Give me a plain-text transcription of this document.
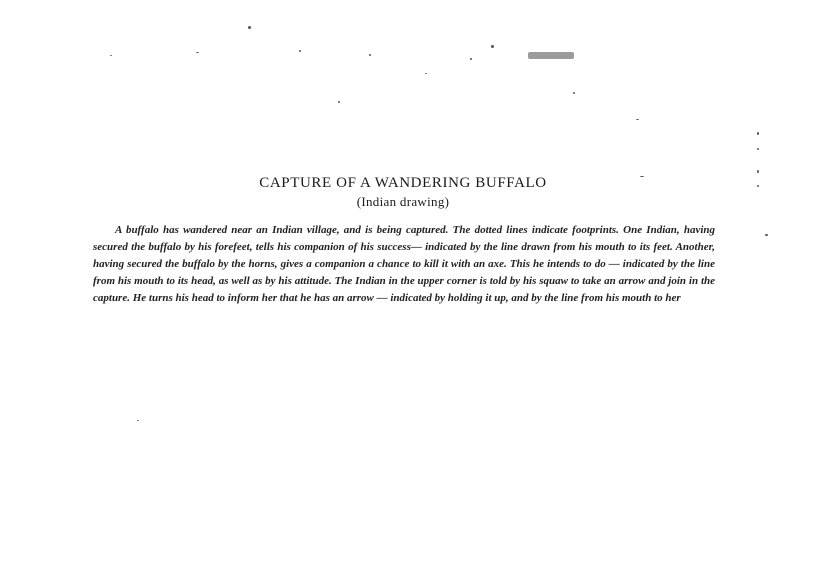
CAPTURE OF A WANDERING BUFFALO
(Indian drawing)

A buffalo has wandered near an Indian village, and is being captured. The dotted lines indicate footprints. One Indian, having secured the buffalo by his forefeet, tells his companion of his success— indicated by the line drawn from his mouth to its feet. Another, having secured the buffalo by the horns, gives a companion a chance to kill it with an axe. This he intends to do — indicated by the line from his mouth to its head, as well as by his attitude. The Indian in the upper corner is told by his squaw to take an arrow and join in the capture. He turns his head to inform her that he has an arrow — indicated by holding it up, and by the line from his mouth to her
